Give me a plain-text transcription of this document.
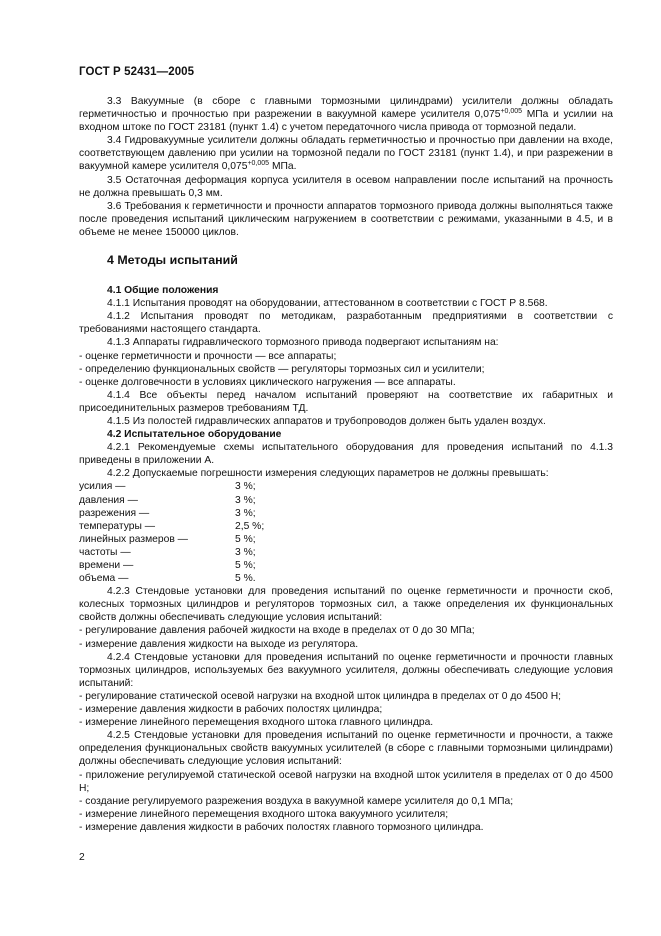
ГОСТ Р 52431—2005

3.3 Вакуумные (в сборе с главными тормозными цилиндрами) усилители должны обладать герметичностью и прочностью при разрежении в вакуумной камере усилителя $0,075^{+0,005}$ МПа и усилии на входном штоке по ГОСТ 23181 (пункт 1.4) с учетом передаточного числа привода от тормозной педали.

3.4 Гидровакуумные усилители должны обладать герметичностью и прочностью при давлении на входе, соответствующем давлению при усилии на тормозной педали по ГОСТ 23181 (пункт 1.4), и при разрежении в вакуумной камере усилителя $0,075^{+0,005}$ МПа.

3.5 Остаточная деформация корпуса усилителя в осевом направлении после испытаний на прочность не должна превышать 0,3 мм.

3.6 Требования к герметичности и прочности аппаратов тормозного привода должны выполняться также после проведения испытаний циклическим нагружением в соответствии с режимами, указанными в 4.5, и в объеме не менее 150000 циклов.

4 Методы испытаний

4.1 Общие положения

4.1.1 Испытания проводят на оборудовании, аттестованном в соответствии с ГОСТ Р 8.568.

4.1.2 Испытания проводят по методикам, разработанным предприятиями в соответствии с требованиями настоящего стандарта.

4.1.3 Аппараты гидравлического тормозного привода подвергают испытаниям на:

- оценке герметичности и прочности — все аппараты;

- определению функциональных свойств — регуляторы тормозных сил и усилители;

- оценке долговечности в условиях циклического нагружения — все аппараты.

4.1.4 Все объекты перед началом испытаний проверяют на соответствие их габаритных и присоединительных размеров требованиям ТД.

4.1.5 Из полостей гидравлических аппаратов и трубопроводов должен быть удален воздух.

4.2 Испытательное оборудование

4.2.1 Рекомендуемые схемы испытательного оборудования для проведения испытаний по 4.1.3 приведены в приложении А.

4.2.2 Допускаемые погрешности измерения следующих параметров не должны превышать:

усилия —	3 %;
давления —	3 %;
разрежения —	3 %;
температуры —	2,5 %;
линейных размеров —	5 %;
частоты —	3 %;
времени —	5 %;
объема —	5 %.

4.2.3 Стендовые установки для проведения испытаний по оценке герметичности и прочности скоб, колесных тормозных цилиндров и регуляторов тормозных сил, а также определения их функциональных свойств должны обеспечивать следующие условия испытаний:

- регулирование давления рабочей жидкости на входе в пределах от 0 до 30 МПа;

- измерение давления жидкости на выходе из регулятора.

4.2.4 Стендовые установки для проведения испытаний по оценке герметичности и прочности главных тормозных цилиндров, используемых без вакуумного усилителя, должны обеспечивать следующие условия испытаний:

- регулирование статической осевой нагрузки на входной шток цилиндра в пределах от 0 до 4500 Н;

- измерение давления жидкости в рабочих полостях цилиндра;

- измерение линейного перемещения входного штока главного цилиндра.

4.2.5 Стендовые установки для проведения испытаний по оценке герметичности и прочности, а также определения функциональных свойств вакуумных усилителей (в сборе с главными тормозными цилиндрами) должны обеспечивать следующие условия испытаний:

- приложение регулируемой статической осевой нагрузки на входной шток усилителя в пределах от 0 до 4500 Н;

- создание регулируемого разрежения воздуха в вакуумной камере усилителя до 0,1 МПа;

- измерение линейного перемещения входного штока вакуумного усилителя;

- измерение давления жидкости в рабочих полостях главного тормозного цилиндра.

2
